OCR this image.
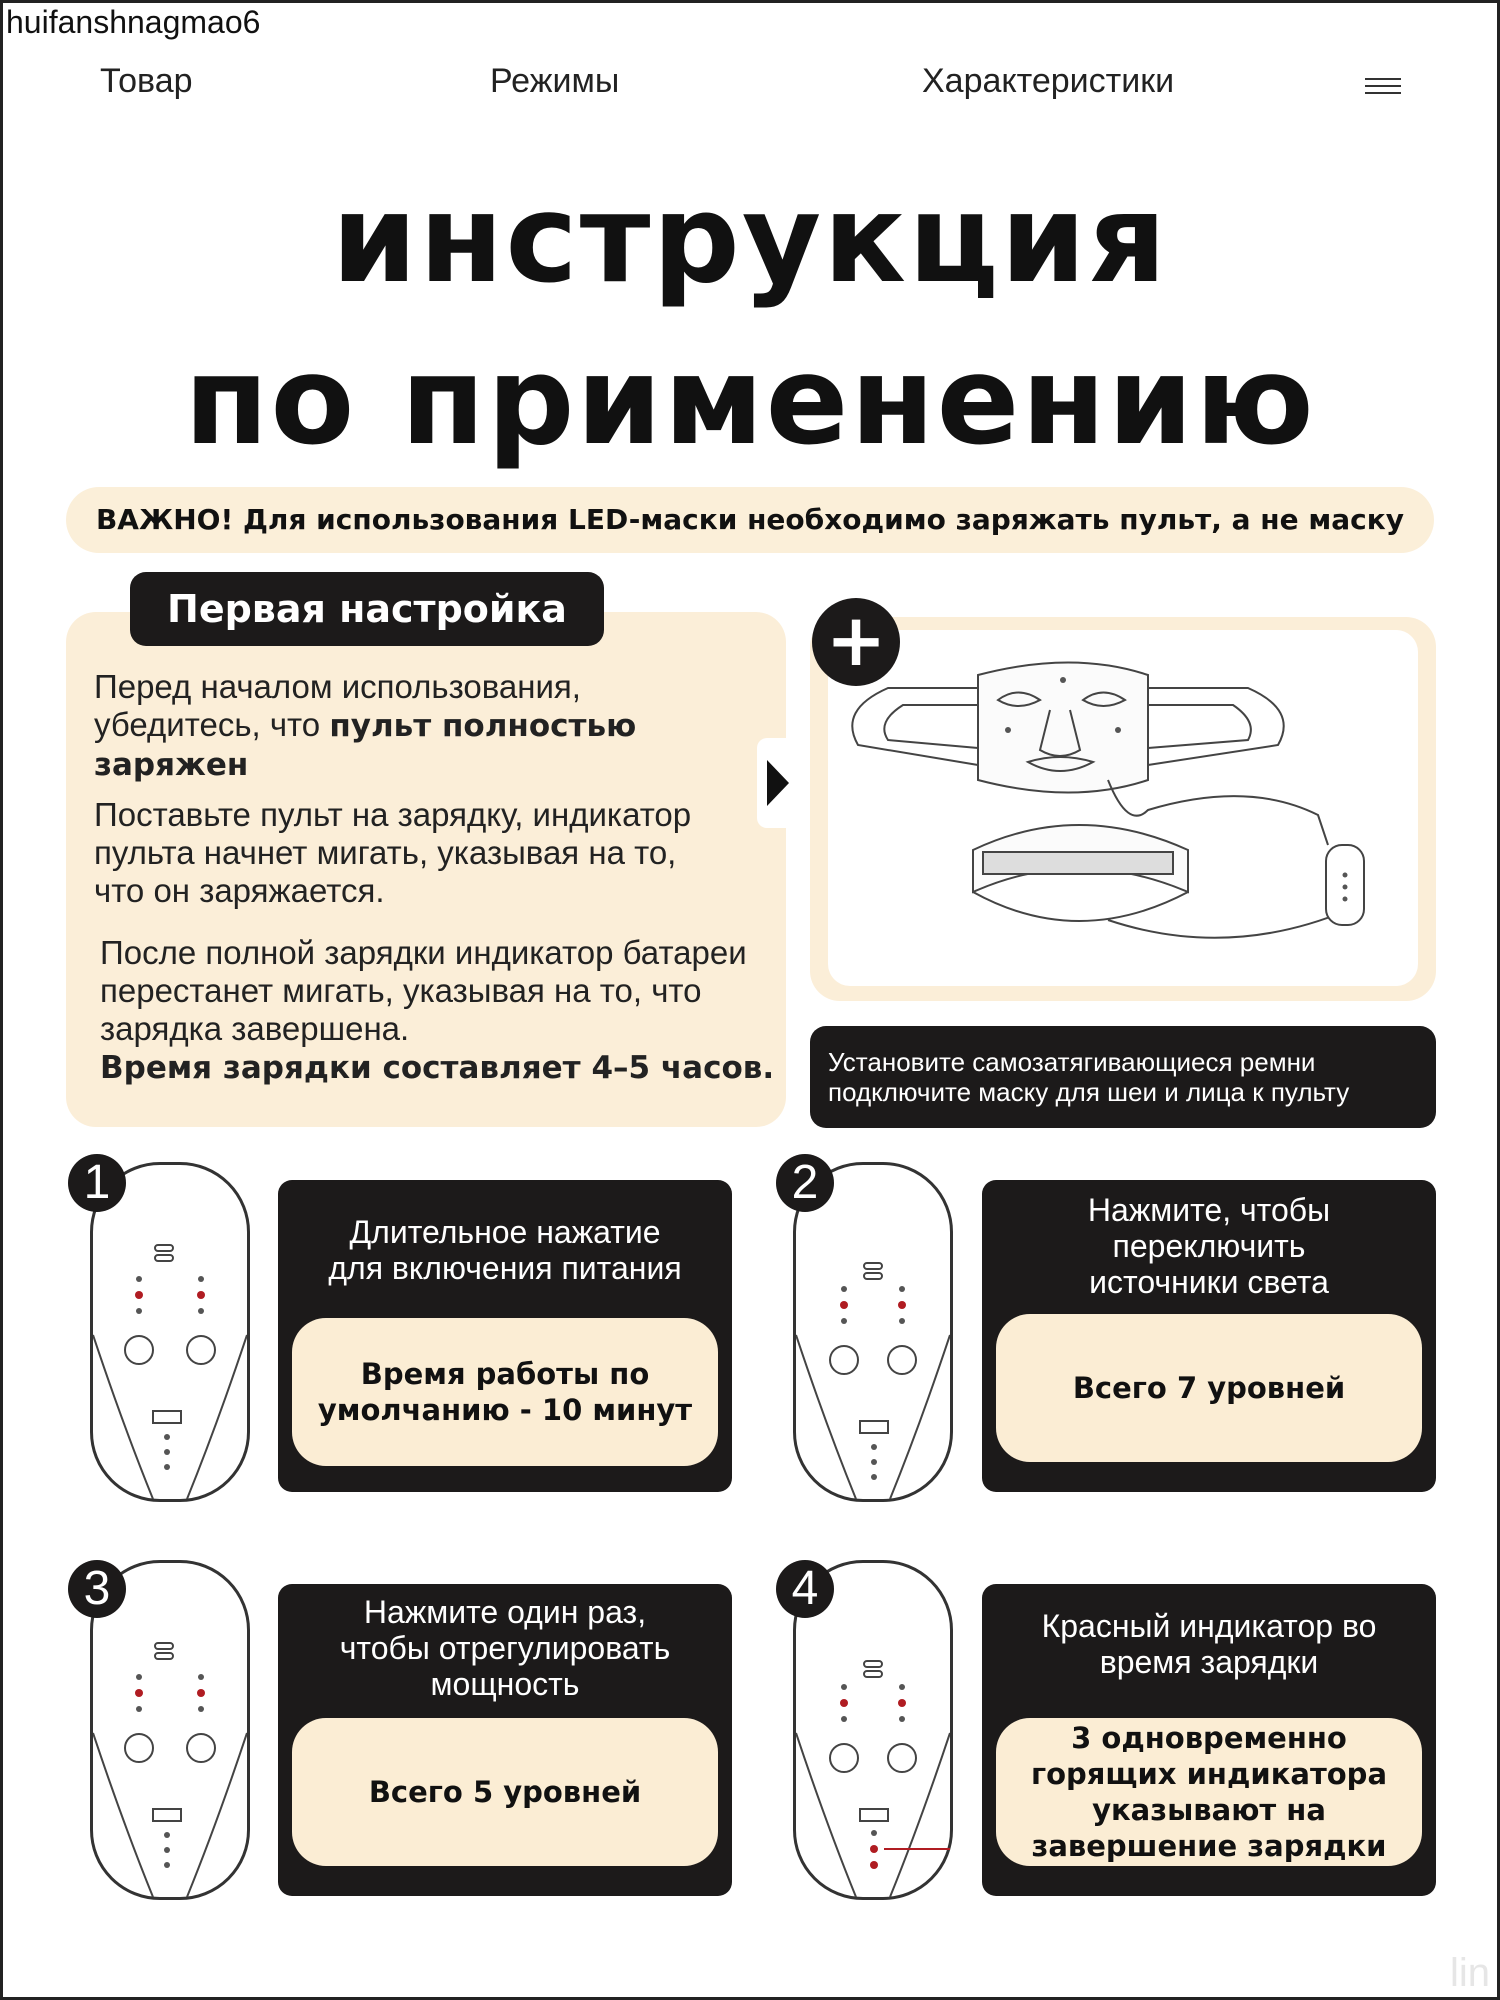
huifanshnagmao6
Товар	Режимы	Характеристики
инструкция
по применению
ВАЖНО! Для использования LED-маски необходимо заряжать пульт, а не маску
Первая настройка
Перед началом использования, убедитесь, что пульт полностью заряжен
Поставьте пульт на зарядку, индикатор пульта начнет мигать, указывая на то, что он заряжается.
После полной зарядки индикатор батареи перестанет мигать, указывая на то, что зарядка завершена.
Время зарядки составляет 4–5 часов.
+
Установите самозатягивающиеся ремни подключите маску для шеи и лица к пульту
1
Длительное нажатие для включения питания
Время работы по умолчанию - 10 минут
2
Нажмите, чтобы переключить источники света
Всего 7 уровней
3	Нажмите один раз, чтобы отрегулировать мощность
Всего 5 уровней
4
Красный индикатор во время зарядки
3 одновременно горящих индикатора указывают на завершение зарядки
lin
